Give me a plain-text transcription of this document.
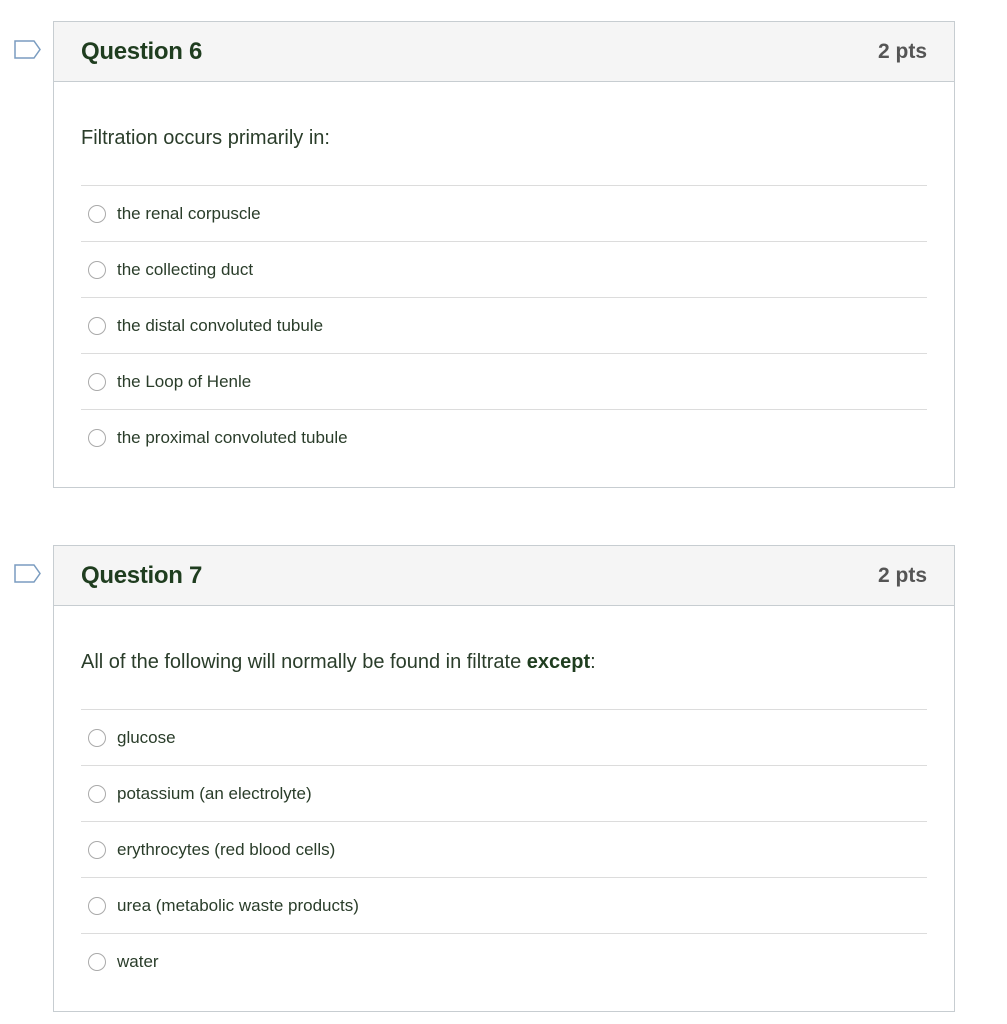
Question 6	2 pts
Filtration occurs primarily in:
the renal corpuscle
the collecting duct
the distal convoluted tubule
the Loop of Henle
the proximal convoluted tubule
Question 7	2 pts
All of the following will normally be found in filtrate except:
glucose
potassium (an electrolyte)
erythrocytes (red blood cells)
urea (metabolic waste products)
water
